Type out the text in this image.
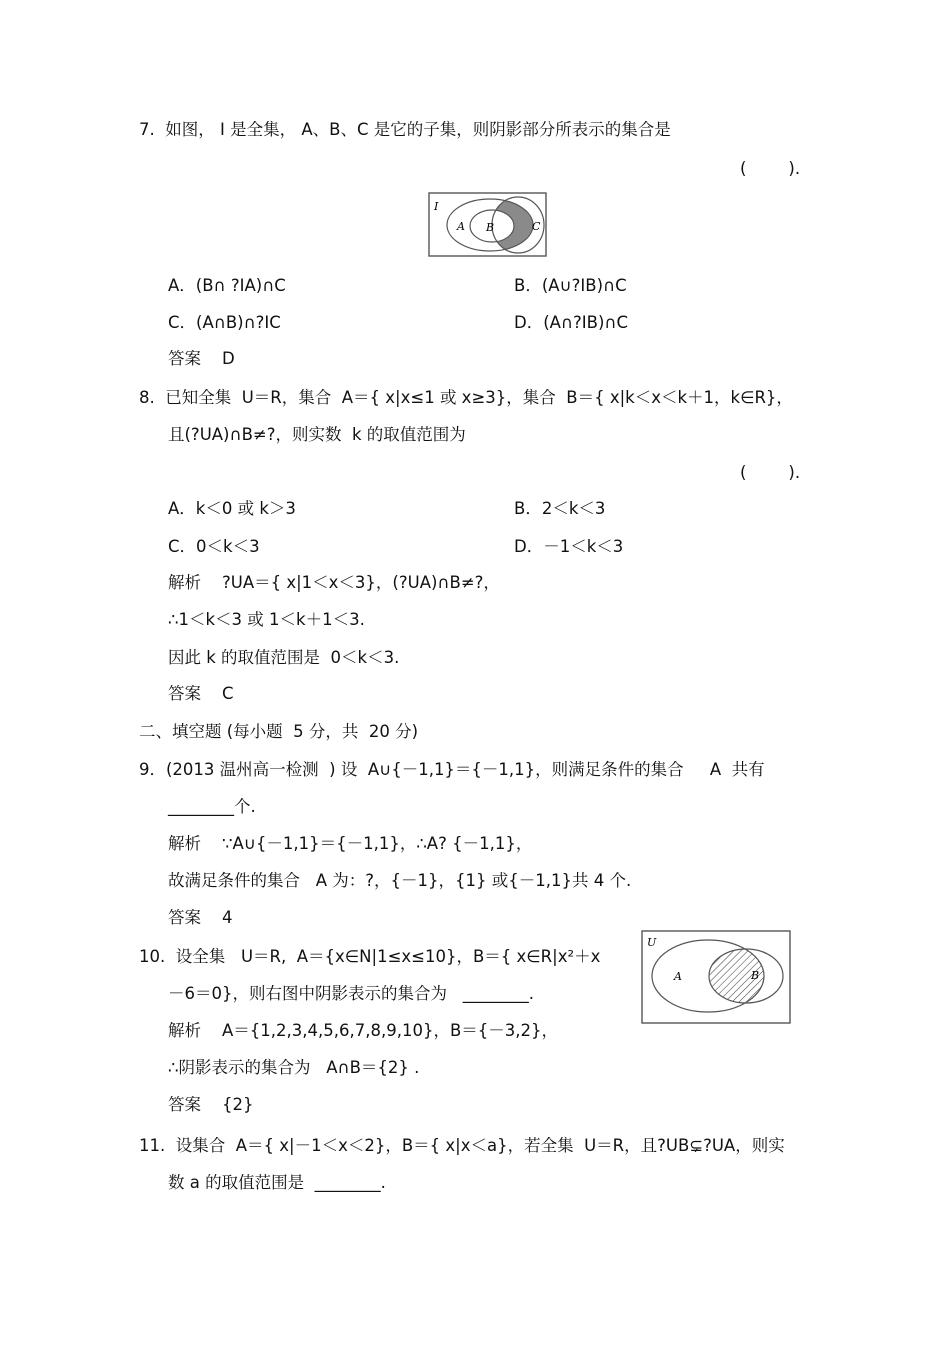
7.  如图， I 是全集， A、B、C 是它的子集，则阴影部分所表示的集合是
(        ).
I
A B	C
A．(B∩ ?IA)∩C	B．(A∪?IB)∩C
C．(A∩B)∩?IC	D．(A∩?IB)∩C
答案    D
8.  已知全集  U＝R，集合  A＝{ x|x≤1 或 x≥3}，集合  B＝{ x|k＜x＜k＋1，k∈R}，
且(?UA)∩B≠?，则实数  k 的取值范围为
(        ).
A．k＜0 或 k＞3	B．2＜k＜3
C．0＜k＜3	D．－1＜k＜3
解析    ?UA＝{ x|1＜x＜3}，(?UA)∩B≠?，
∴1＜k＜3 或 1＜k＋1＜3.
因此 k 的取值范围是  0＜k＜3.
答案    C
二、填空题 (每小题  5 分，共  20 分)
9．(2013 温州高一检测  ) 设  A∪{－1,1}＝{－1,1}，则满足条件的集合     A  共有
________个.
解析    ∵A∪{－1,1}＝{－1,1}，∴A? {－1,1}，
故满足条件的集合   A 为：?，{－1}，{1} 或{－1,1}共 4 个.
答案    4
10.  设全集   U＝R,  A＝{x∈N|1≤x≤10}，B＝{ x∈R|x²＋x
－6＝0}，则右图中阴影表示的集合为   ________.
U
A	B
解析    A＝{1,2,3,4,5,6,7,8,9,10}，B＝{－3,2}，
∴阴影表示的集合为   A∩B＝{2} .
答案    {2}
11.  设集合  A＝{ x|－1＜x＜2}，B＝{ x|x＜a}，若全集  U＝R，且?UB⊊?UA，则实
数 a 的取值范围是  ________.
